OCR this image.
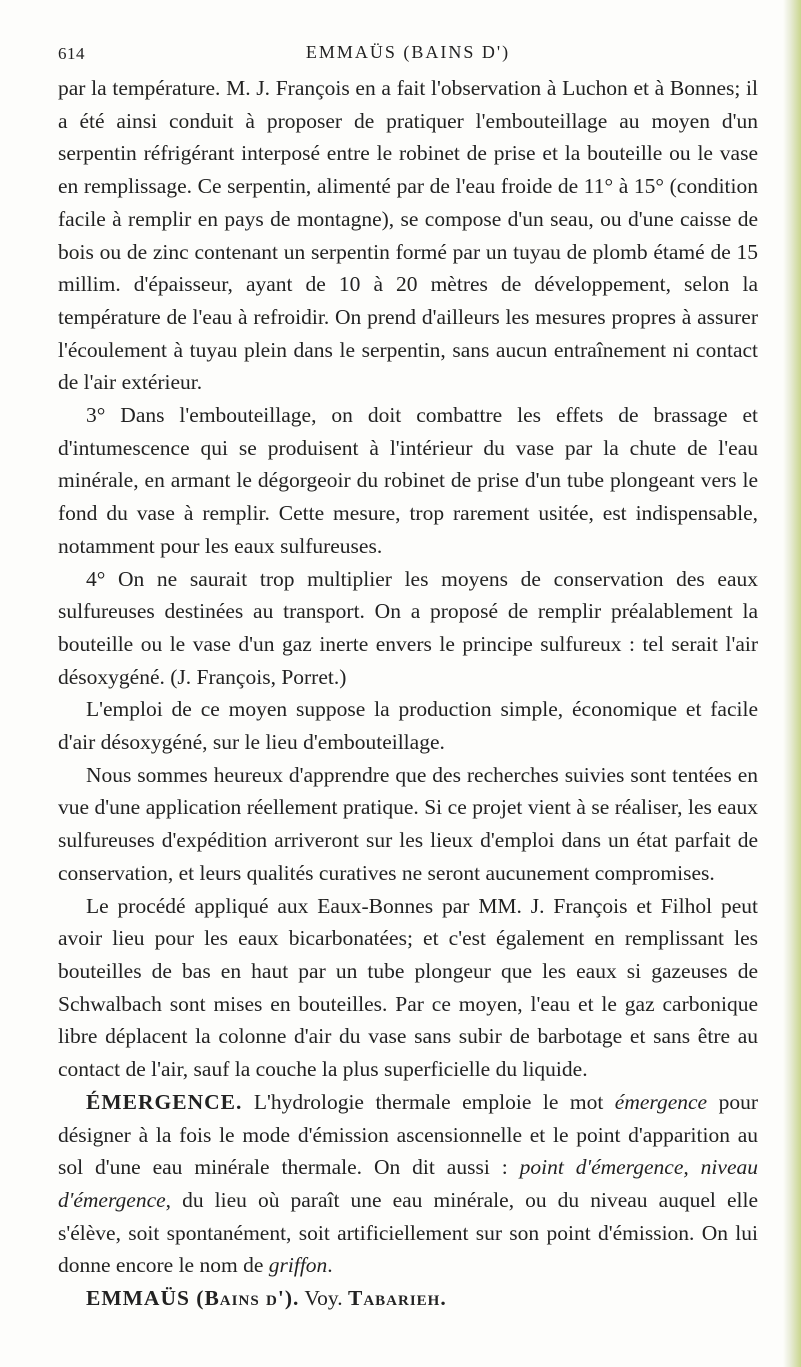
614	EMMAÜS (BAINS D')

par la température. M. J. François en a fait l'observation à Luchon et à Bonnes; il a été ainsi conduit à proposer de pratiquer l'embouteillage au moyen d'un serpentin réfrigérant interposé entre le robinet de prise et la bouteille ou le vase en remplissage. Ce serpentin, alimenté par de l'eau froide de 11° à 15° (condition facile à remplir en pays de montagne), se compose d'un seau, ou d'une caisse de bois ou de zinc contenant un serpentin formé par un tuyau de plomb étamé de 15 millim. d'épaisseur, ayant de 10 à 20 mètres de développement, selon la température de l'eau à refroidir. On prend d'ailleurs les mesures propres à assurer l'écoulement à tuyau plein dans le serpentin, sans aucun entraînement ni contact de l'air extérieur.

3° Dans l'embouteillage, on doit combattre les effets de brassage et d'intumescence qui se produisent à l'intérieur du vase par la chute de l'eau minérale, en armant le dégorgeoir du robinet de prise d'un tube plongeant vers le fond du vase à remplir. Cette mesure, trop rarement usitée, est indispensable, notamment pour les eaux sulfureuses.

4° On ne saurait trop multiplier les moyens de conservation des eaux sulfureuses destinées au transport. On a proposé de remplir préalablement la bouteille ou le vase d'un gaz inerte envers le principe sulfureux : tel serait l'air désoxygéné. (J. François, Porret.)

L'emploi de ce moyen suppose la production simple, économique et facile d'air désoxygéné, sur le lieu d'embouteillage.

Nous sommes heureux d'apprendre que des recherches suivies sont tentées en vue d'une application réellement pratique. Si ce projet vient à se réaliser, les eaux sulfureuses d'expédition arriveront sur les lieux d'emploi dans un état parfait de conservation, et leurs qualités curatives ne seront aucunement compromises.

Le procédé appliqué aux Eaux-Bonnes par MM. J. François et Filhol peut avoir lieu pour les eaux bicarbonatées; et c'est également en remplissant les bouteilles de bas en haut par un tube plongeur que les eaux si gazeuses de Schwalbach sont mises en bouteilles. Par ce moyen, l'eau et le gaz carbonique libre déplacent la colonne d'air du vase sans subir de barbotage et sans être au contact de l'air, sauf la couche la plus superficielle du liquide.

ÉMERGENCE. L'hydrologie thermale emploie le mot émergence pour désigner à la fois le mode d'émission ascensionnelle et le point d'apparition au sol d'une eau minérale thermale. On dit aussi : point d'émergence, niveau d'émergence, du lieu où paraît une eau minérale, ou du niveau auquel elle s'élève, soit spontanément, soit artificiellement sur son point d'émission. On lui donne encore le nom de griffon.

EMMAÜS (Bains d'). Voy. Tabarieh.
